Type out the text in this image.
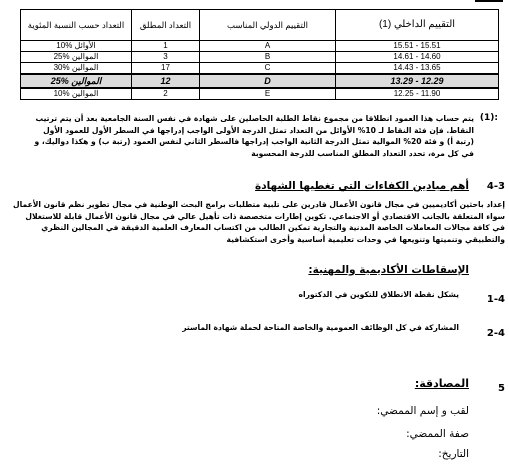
التعداد حسب النسبة المئوية	التعداد المطلق	التقييم الدولي المناسب	التقييم الداخلي (1)
10% الأوائل	1	A	15.51 - 15.51
25% الموالين	3	B	14.61 - 14.60
30% الموالين	17	C	14.43 - 13.65
25% الموالين	12	D	13.29 - 12.29
10% الموالين	2	E	12.25 - 11.90
(1):
يتم حساب هذا العمود انطلاقا من مجموع نقاط الطلبة الحاصلين على شهادة في نفس السنة الجامعية بعد أن يتم ترتيب النقاط. فإن فئة النقاط لـ 10% الأوائل من التعداد تمثل الدرجة الأولى الواجب إدراجها في السطر الأول للعمود الأول (رتبة أ) و فئة 20% الموالية تمثل الدرجة الثانية الواجب إدراجها فالسطر الثاني لنفس العمود (رتبة ب) و هكذا دواليك، و في كل مرة، تحدد التعداد المطلق المناسب للدرجة المحسوبة
4-3
أهم ميادين الكفاءات التي تغطيها الشهادة
إعداد باحثين أكاديميين في مجال قانون الأعمال قادرين على تلبية متطلبات برامج البحث الوطنية في مجال تطوير نظم قانون الأعمال سواء المتعلقة بالجانب الاقتصادي أو الاجتماعي. تكوين إطارات متخصصة ذات تأهيل عالي في مجال قانون الأعمال قابلة للاستغلال في كافة مجالات المعاملات الخاصة المدنية والتجارية تمكين الطالب من اكتساب المعارف العلمية الدقيقة في المجالين النظري والتطبيقي وتنميتها وتنويعها في وحدات تعليمية أساسية وأخرى استكشافية
الإسقاطات الأكاديمية والمهنية:
1-4
يشكل نقطة الانطلاق للتكوين في الدكتوراه
2-4
المشاركة في كل الوظائف العمومية والخاصة المتاحة لحملة شهادة الماستر
5
المصادقة:
لقب و إسم الممضي:
صفة الممضي:
التاريخ:
